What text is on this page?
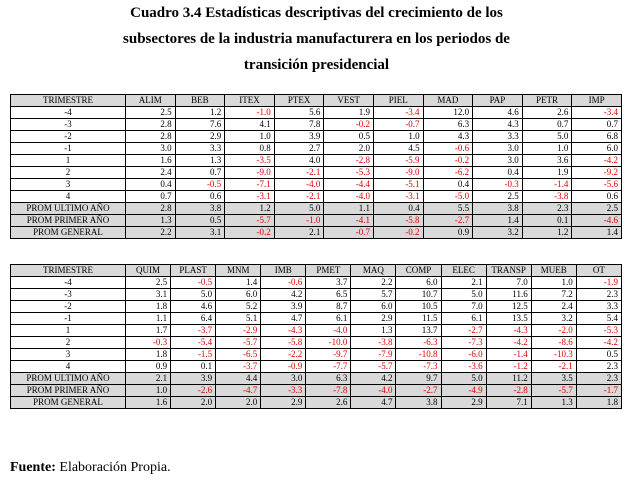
Cuadro 3.4 Estadísticas descriptivas del crecimiento de los
subsectores de la industria manufacturera en los periodos de
transición presidencial
TRIMESTRE	ALIM	BEB	ITEX	PTEX	VEST	PIEL	MAD	PAP	PETR	IMP
-4	2.5	1.2	-1.0	5.6	1.9	-3.4	12.0	4.6	2.6	-3.4
-3	2.8	7.6	4.1	7.8	-0.2	-0.7	6.3	4.3	0.7	0.7
-2	2.8	2.9	1.0	3.9	0.5	1.0	4.3	3.3	5.0	6.8
-1	3.0	3.3	0.8	2.7	2.0	4.5	-0.6	3.0	1.0	6.0
1	1.6	1.3	-3.5	4.0	-2.8	-5.9	-0.2	3.0	3.6	-4.2
2	2.4	0.7	-9.0	-2.1	-5.3	-9.0	-6.2	0.4	1.9	-9.2
3	0.4	-0.5	-7.1	-4.0	-4.4	-5.1	0.4	-0.3	-1.4	-5.6
4	0.7	0.6	-3.1	-2.1	-4.0	-3.1	-5.0	2.5	-3.8	0.6
PROM ULTIMO AÑO	2.8	3.8	1.2	5.0	1.1	0.4	5.5	3.8	2.3	2.5
PROM PRIMER AÑO	1.3	0.5	-5.7	-1.0	-4.1	-5.8	-2.7	1.4	0.1	-4.6
PROM GENERAL	2.2	3.1	-0.2	2.1	-0.7	-0.2	0.9	3.2	1.2	1.4
TRIMESTRE	QUIM	PLAST	MNM	IMB	PMET	MAQ	COMP	ELEC	TRANSP	MUEB	OT
-4	2.5	-0.5	1.4	-0.6	3.7	2.2	6.0	2.1	7.0	1.0	-1.9
-3	3.1	5.0	6.0	4.2	6.5	5.7	10.7	5.0	11.6	7.2	2.3
-2	1.8	4.6	5.2	3.9	8.7	6.0	10.5	7.0	12.5	2.4	3.3
-1	1.1	6.4	5.1	4.7	6.1	2.9	11.5	6.1	13.5	3.2	5.4
1	1.7	-3.7	-2.9	-4.3	-4.0	1.3	13.7	-2.7	-4.3	-2.0	-5.3
2	-0.3	-5.4	-5.7	-5.8	-10.0	-3.8	-6.3	-7.3	-4.2	-8.6	-4.2
3	1.8	-1.5	-6.5	-2.2	-9.7	-7.9	-10.8	-6.0	-1.4	-10.3	0.5
4	0.9	0.1	-3.7	-0.9	-7.7	-5.7	-7.3	-3.6	-1.2	-2.1	2.3
PROM ULTIMO AÑO	2.1	3.9	4.4	3.0	6.3	4.2	9.7	5.0	11.2	3.5	2.3
PROM PRIMER AÑO	1.0	-2.6	-4.7	-3.3	-7.8	-4.0	-2.7	-4.9	-2.8	-5.7	-1.7
PROM GENERAL	1.6	2.0	2.0	2.9	2.6	4.7	3.8	2.9	7.1	1.3	1.8
Fuente: Elaboración Propia.
